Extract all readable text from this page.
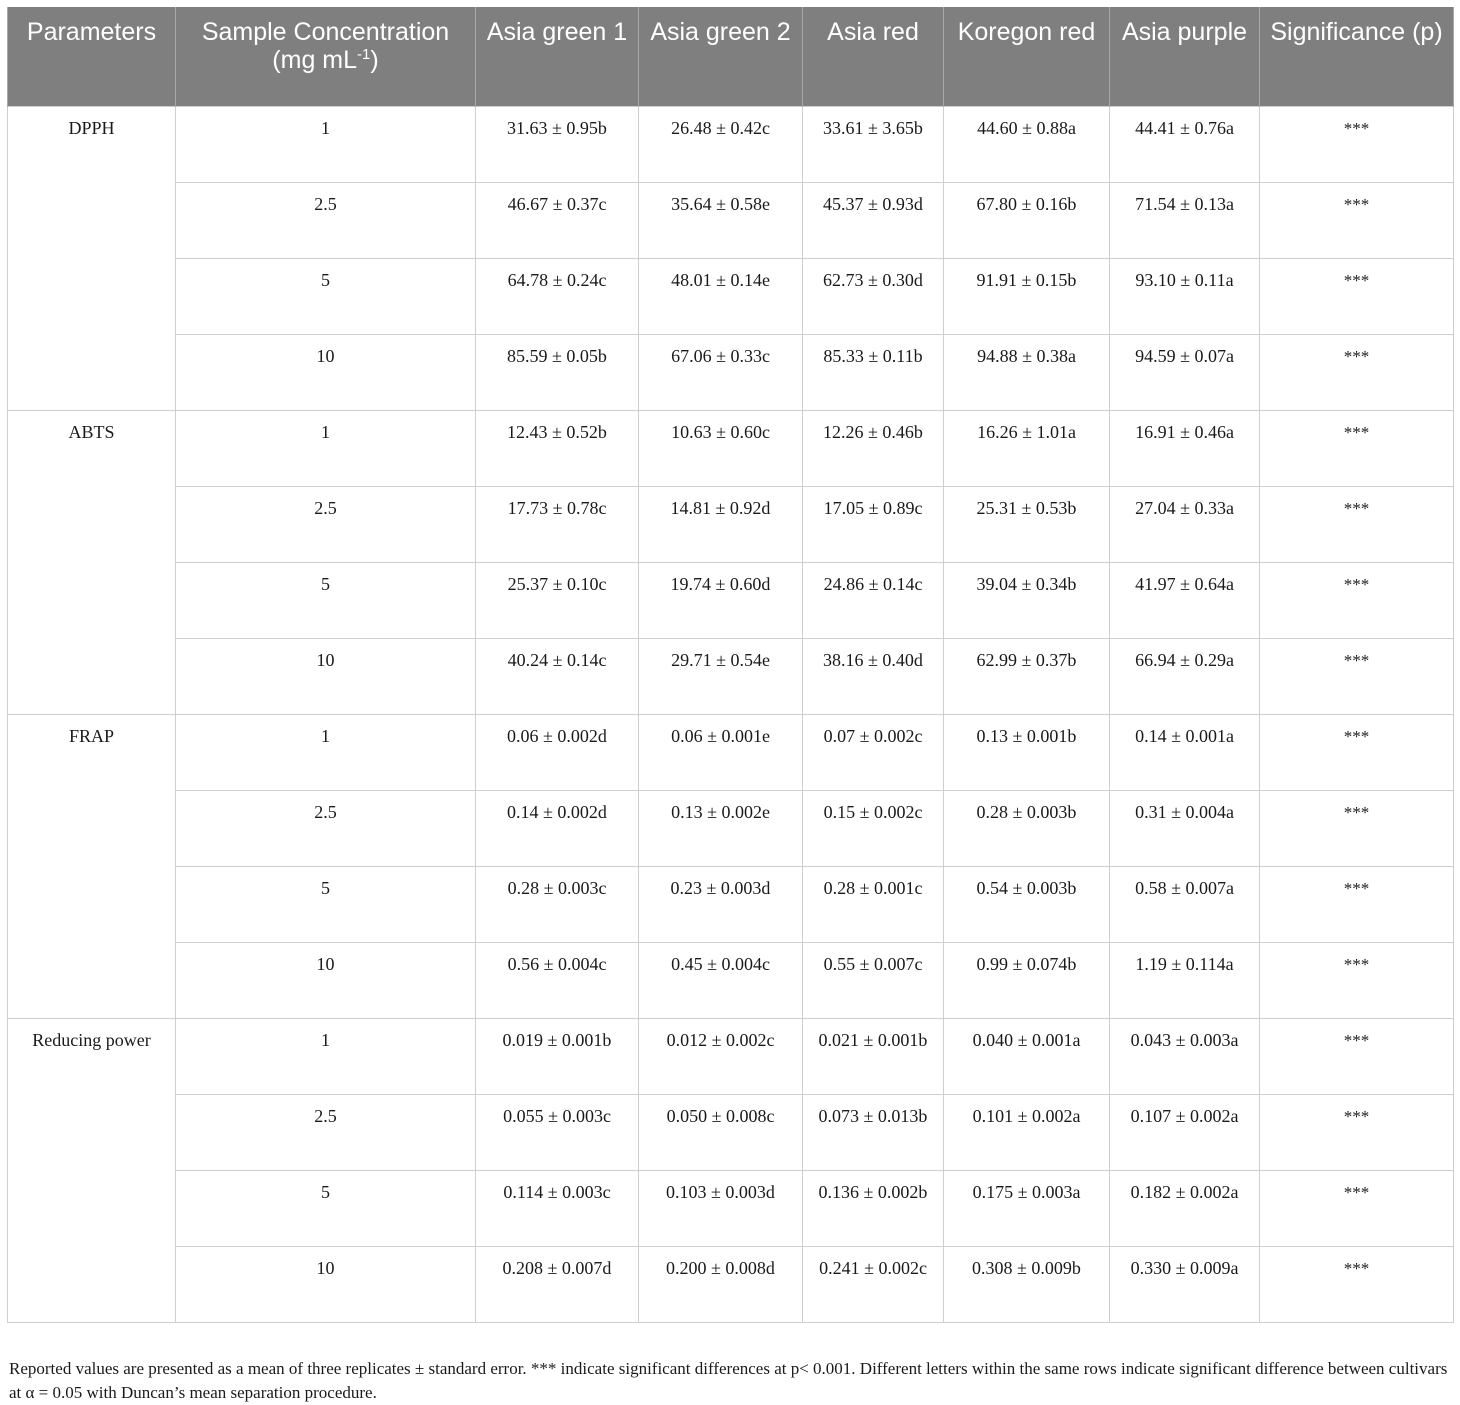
Parameters	Sample Concentration (mg $mL^{-1}$)	Asia green 1	Asia green 2	Asia red	Koregon red	Asia purple	Significance (p)
DPPH	1	31.63 ± 0.95b	26.48 ± 0.42c	33.61 ± 3.65b	44.60 ± 0.88a	44.41 ± 0.76a	***
	2.5	46.67 ± 0.37c	35.64 ± 0.58e	45.37 ± 0.93d	67.80 ± 0.16b	71.54 ± 0.13a	***
	5	64.78 ± 0.24c	48.01 ± 0.14e	62.73 ± 0.30d	91.91 ± 0.15b	93.10 ± 0.11a	***
	10	85.59 ± 0.05b	67.06 ± 0.33c	85.33 ± 0.11b	94.88 ± 0.38a	94.59 ± 0.07a	***
ABTS	1	12.43 ± 0.52b	10.63 ± 0.60c	12.26 ± 0.46b	16.26 ± 1.01a	16.91 ± 0.46a	***
	2.5	17.73 ± 0.78c	14.81 ± 0.92d	17.05 ± 0.89c	25.31 ± 0.53b	27.04 ± 0.33a	***
	5	25.37 ± 0.10c	19.74 ± 0.60d	24.86 ± 0.14c	39.04 ± 0.34b	41.97 ± 0.64a	***
	10	40.24 ± 0.14c	29.71 ± 0.54e	38.16 ± 0.40d	62.99 ± 0.37b	66.94 ± 0.29a	***
FRAP	1	0.06 ± 0.002d	0.06 ± 0.001e	0.07 ± 0.002c	0.13 ± 0.001b	0.14 ± 0.001a	***
	2.5	0.14 ± 0.002d	0.13 ± 0.002e	0.15 ± 0.002c	0.28 ± 0.003b	0.31 ± 0.004a	***
	5	0.28 ± 0.003c	0.23 ± 0.003d	0.28 ± 0.001c	0.54 ± 0.003b	0.58 ± 0.007a	***
	10	0.56 ± 0.004c	0.45 ± 0.004c	0.55 ± 0.007c	0.99 ± 0.074b	1.19 ± 0.114a	***
Reducing power	1	0.019 ± 0.001b	0.012 ± 0.002c	0.021 ± 0.001b	0.040 ± 0.001a	0.043 ± 0.003a	***
	2.5	0.055 ± 0.003c	0.050 ± 0.008c	0.073 ± 0.013b	0.101 ± 0.002a	0.107 ± 0.002a	***
	5	0.114 ± 0.003c	0.103 ± 0.003d	0.136 ± 0.002b	0.175 ± 0.003a	0.182 ± 0.002a	***
	10	0.208 ± 0.007d	0.200 ± 0.008d	0.241 ± 0.002c	0.308 ± 0.009b	0.330 ± 0.009a	***

Reported values are presented as a mean of three replicates ± standard error. *** indicate significant differences at p< 0.001. Different letters within the same rows indicate significant difference between cultivars at α = 0.05 with Duncan’s mean separation procedure.
